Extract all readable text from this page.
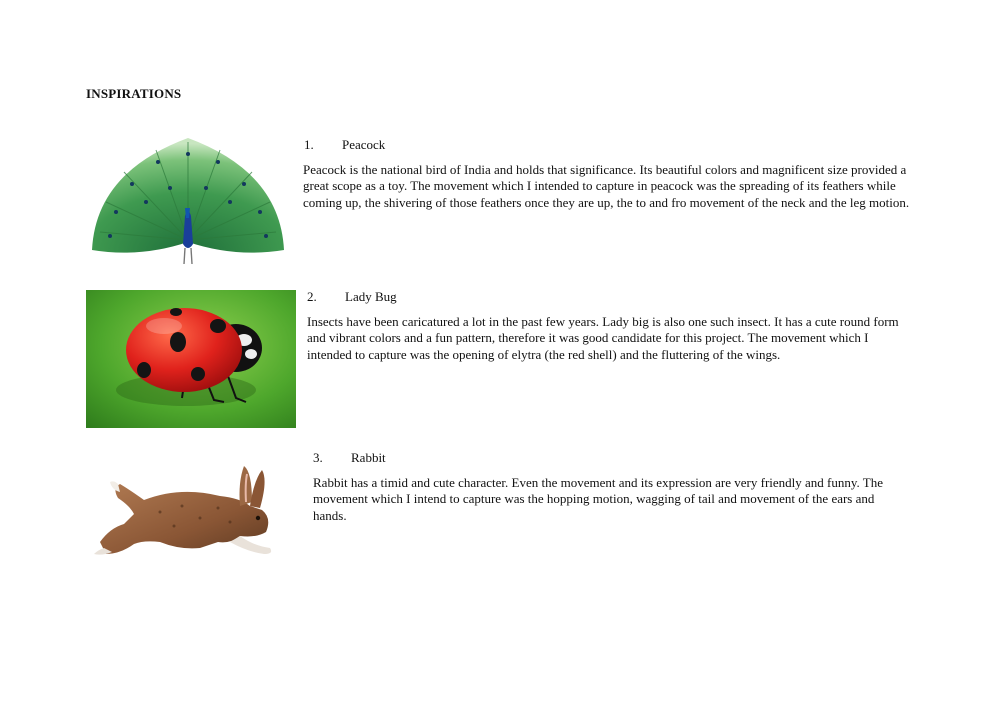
INSPIRATIONS
1. Peacock
Peacock is the national bird of India and holds that significance. Its beautiful colors and magnificent size provided a great scope as a toy. The movement which I intended to capture in peacock was the spreading of its feathers while coming up, the shivering of those feathers once they are up, the to and fro movement of the neck and the leg motion.
2. Lady Bug
Insects have been caricatured a lot in the past few years. Lady big is also one such insect. It has a cute round form and vibrant colors and a fun pattern, therefore it was good candidate for this project. The movement which I intended to capture was the opening of elytra (the red shell) and the fluttering of the wings.
3. Rabbit
Rabbit has a timid and cute character. Even the movement and its expression are very friendly and funny. The movement which I intend to capture was the hopping motion, wagging of tail and movement of the ears and hands.
